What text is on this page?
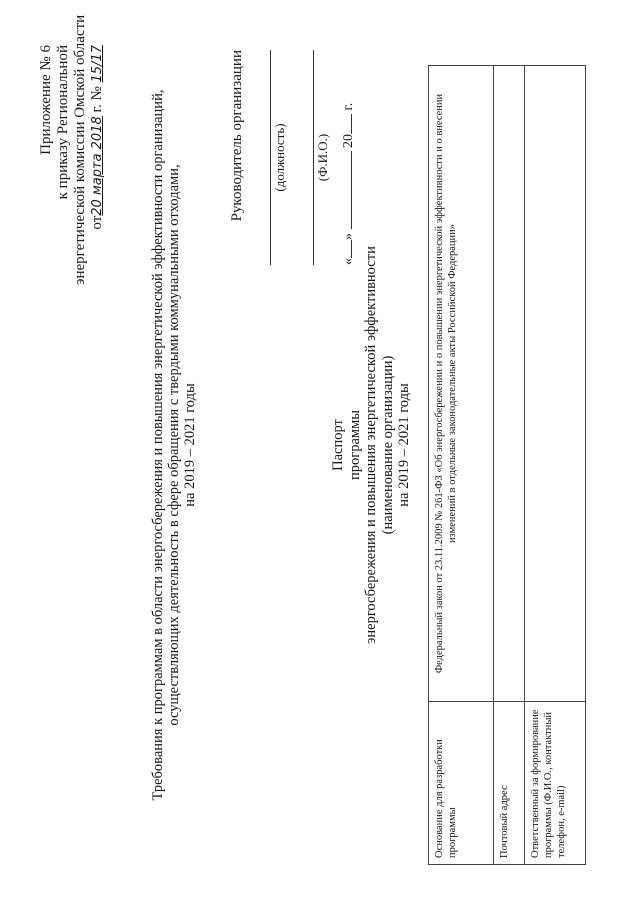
Приложение № 6 к приказу Региональной энергетической комиссии Омской области от20 марта 2018 г. № 15/17
Требования к программам в области энергосбережения и повышения энергетической эффективности организаций, осуществляющих деятельность в сфере обращения с твердыми коммунальными отходами, на 2019 – 2021 годы
Руководитель организации (должность) (Ф.И.О.)
«»  20 г.
Паспорт программы энергосбережения и повышения энергетической эффективности (наименование организации) на 2019 – 2021 годы
Основание для разработки программы	Федеральный закон от 23.11.2009 № 261-ФЗ «Об энергосбережении и о повышении энергетической эффективности и о внесении изменений в отдельные законодательные акты Российской Федерации»
Почтовый адрес	
Ответственный за формирование программы (Ф.И.О., контактный телефон, e-mail)	
